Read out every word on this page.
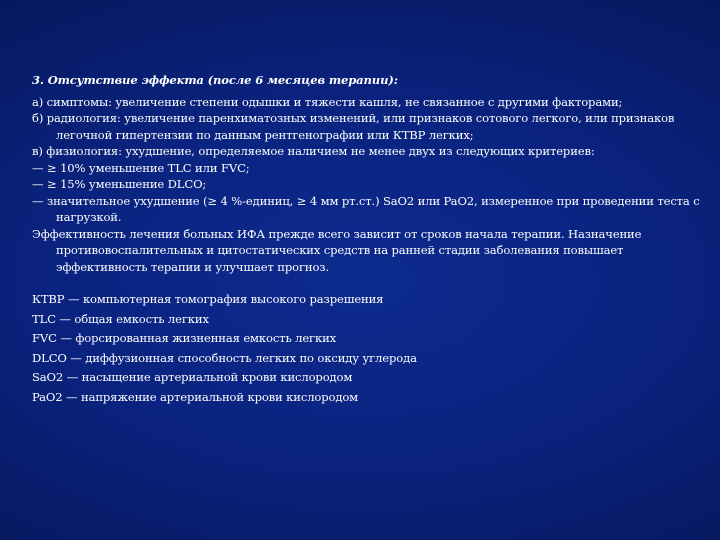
3. Отсутствие эффекта (после 6 месяцев терапии):

а) симптомы: увеличение степени одышки и тяжести кашля, не связанное с другими факторами;

б) радиология: увеличение паренхиматозных изменений, или признаков сотового легкого, или признаков легочной гипертензии по данным рентгенографии или КТВР легких;

в) физиология: ухудшение, определяемое наличием не менее двух из следующих критериев:

— ≥ 10% уменьшение TLC или FVC;

— ≥ 15% уменьшение DLCO;

— значительное ухудшение (≥ 4 %-единиц, ≥ 4 мм рт.ст.) SaO2 или PaO2, измеренное при проведении теста с нагрузкой.

Эффективность лечения больных ИФА прежде всего зависит от сроков начала терапии. Назначение противовоспалительных и цитостатических средств на ранней стадии заболевания повышает эффективность терапии и улучшает прогноз.

КТВР — компьютерная томография высокого разрешения

TLC — общая емкость легких

FVC — форсированная жизненная емкость легких

DLCO — диффузионная способность легких по оксиду углерода

SaO2 — насыщение артериальной крови кислородом

PaO2 — напряжение артериальной крови кислородом
